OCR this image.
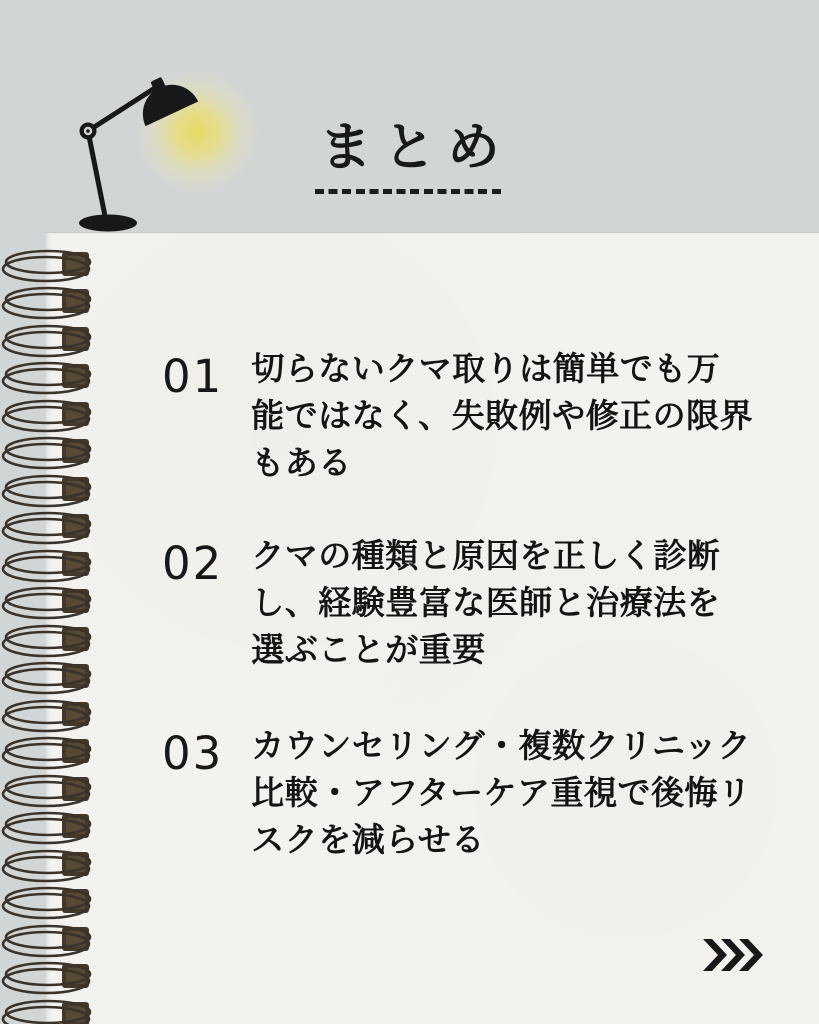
まとめ
01 切らないクマ取りは簡単でも万能ではなく、失敗例や修正の限界もある
02 クマの種類と原因を正しく診断し、経験豊富な医師と治療法を選ぶことが重要
03 カウンセリング・複数クリニック比較・アフターケア重視で後悔リスクを減らせる
